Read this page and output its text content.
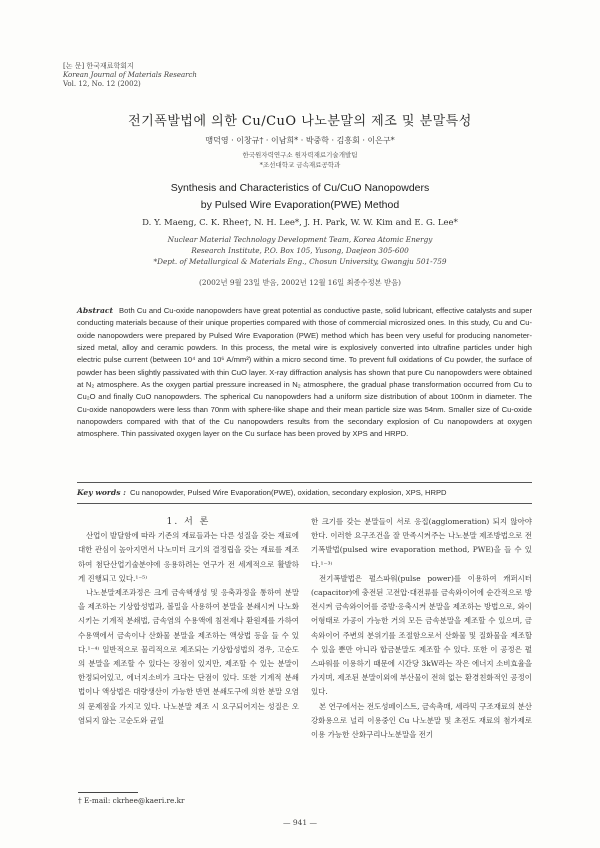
[논 문] 한국재료학회지
Korean Journal of Materials Research
Vol. 12, No. 12 (2002)
전기폭발법에 의한 Cu/CuO 나노분말의 제조 및 분말특성
맹덕영 · 이창규† · 이남희* · 박중학 · 김흥회 · 이은구*
한국원자력연구소 원자력재료기술개발팀
*조선대학교 금속재료공학과
Synthesis and Characteristics of Cu/CuO Nanopowders
by Pulsed Wire Evaporation(PWE) Method
D. Y. Maeng, C. K. Rhee†, N. H. Lee*, J. H. Park, W. W. Kim and E. G. Lee*
Nuclear Material Technology Development Team, Korea Atomic Energy
Research Institute, P.O. Box 105, Yusong, Daejeon 305-600
*Dept. of Metallurgical & Materials Eng., Chosun University, Gwangju 501-759
(2002년 9월 23일 받음, 2002년 12월 16일 최종수정본 받음)
Abstract Both Cu and Cu-oxide nanopowders have great potential as conductive paste, solid lubricant, effective catalysts and super conducting materials because of their unique properties compared with those of commercial microsized ones. In this study, Cu and Cu-oxide nanopowders were prepared by Pulsed Wire Evaporation (PWE) method which has been very useful for producing nanometer-sized metal, alloy and ceramic powders. In this process, the metal wire is explosively converted into ultrafine particles under high electric pulse current (between 10⁴ and 10⁶ A/mm²) within a micro second time. To prevent full oxidations of Cu powder, the surface of powder has been slightly passivated with thin CuO layer. X-ray diffraction analysis has shown that pure Cu nanopowders were obtained at N₂ atmosphere. As the oxygen partial pressure increased in N₂ atmosphere, the gradual phase transformation occurred from Cu to Cu₂O and finally CuO nanopowders. The spherical Cu nanopowders had a uniform size distribution of about 100nm in diameter. The Cu-oxide nanopowders were less than 70nm with sphere-like shape and their mean particle size was 54nm. Smaller size of Cu-oxide nanopowders compared with that of the Cu nanopowders results from the secondary explosion of Cu nanopowders at oxygen atmosphere. Thin passivated oxygen layer on the Cu surface has been proved by XPS and HRPD.
Key words : Cu nanopowder, Pulsed Wire Evaporation(PWE), oxidation, secondary explosion, XPS, HRPD

1. 서 론

산업이 발달함에 따라 기존의 재료들과는 다른 성질을 갖는 재료에 대한 관심이 높아지면서 나노미터 크기의 결정립을 갖는 재료를 제조하여 첨단산업기술분야에 응용하려는 연구가 전 세계적으로 활발하게 진행되고 있다.¹⁻⁵⁾

나노분말제조과정은 크게 금속핵생성 및 응축과정을 통하여 분말을 제조하는 기상합성법과, 볼밀을 사용하여 분말을 분쇄시켜 나노화 시키는 기계적 분쇄법, 금속염의 수용액에 침전제나 환원제를 가하여 수용액에서 금속이나 산화물 분말을 제조하는 액상법 등을 들 수 있다.¹⁻⁴⁾ 일반적으로 물리적으로 제조되는 기상합성법의 경우, 고순도의 분말을 제조할 수 있다는 장점이 있지만, 제조할 수 있는 분말이 한정되어있고, 에너지소비가 크다는 단점이 있다. 또한 기계적 분쇄법이나 액상법은 대량생산이 가능한 반면 분쇄도구에 의한 분말 오염의 문제점을 가지고 있다. 나노분말 제조 시 요구되어지는 성질은 오염되지 않는 고순도와 균일

한 크기를 갖는 분말들이 서로 응집(agglomeration) 되지 않아야 한다. 이러한 요구조건을 잘 만족시켜주는 나노분말 제조방법으로 전기폭발법(pulsed wire evaporation method, PWE)을 들 수 있다.¹⁻³⁾

전기폭발법은 펄스파워(pulse power)를 이용하여 캐퍼시터(capacitor)에 충전된 고전압·대전류를 금속와이어에 순간적으로 방전시켜 금속와이어를 증발·응축시켜 분말을 제조하는 방법으로, 와이어형태로 가공이 가능한 거의 모든 금속분말을 제조할 수 있으며, 금속와이어 주변의 분위기를 조절함으로서 산화물 및 질화물을 제조할 수 있을 뿐만 아니라 합금분말도 제조할 수 있다. 또한 이 공정은 펄스파워를 이용하기 때문에 시간당 3kW라는 작은 에너지 소비효율을 가지며, 제조된 분말이외에 부산물이 전혀 없는 환경친화적인 공정이 있다.

본 연구에서는 전도성페이스트, 금속촉매, 세라믹 구조재료의 분산강화용으로 널리 이용중인 Cu 나노분말 및 초전도 재료의 첨가제로 이용 가능한 산화구리나노분말을 전기

† E-mail: ckrhee@kaeri.re.kr
— 941 —
